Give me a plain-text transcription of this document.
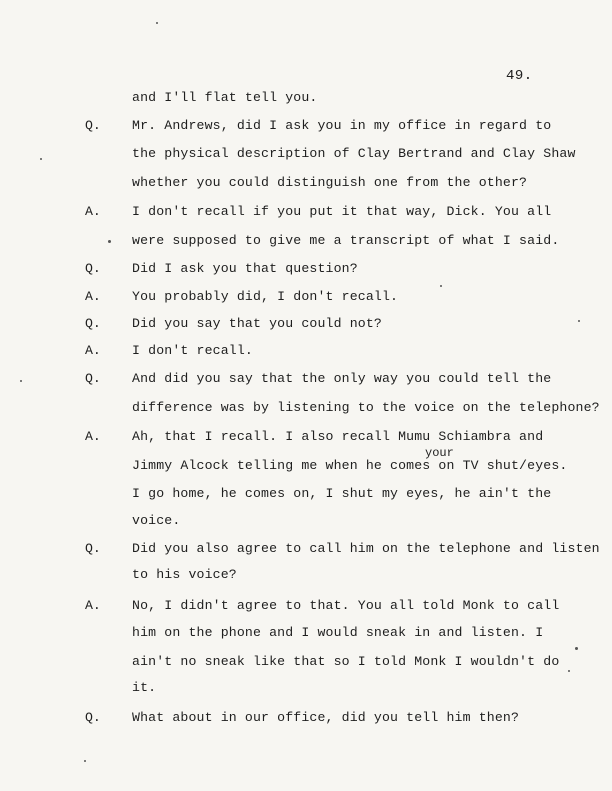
49.
your
and I'll flat tell you.
Q. Mr. Andrews, did I ask you in my office in regard to
the physical description of Clay Bertrand and Clay Shaw
whether you could distinguish one from the other?
A. I don't recall if you put it that way, Dick. You all
were supposed to give me a transcript of what I said.
Q. Did I ask you that question?
A. You probably did, I don't recall.
Q. Did you say that you could not?
A. I don't recall.
Q. And did you say that the only way you could tell the
difference was by listening to the voice on the telephone?
A. Ah, that I recall. I also recall Mumu Schiambra and
Jimmy Alcock telling me when he comes on TV shut/eyes.
I go home, he comes on, I shut my eyes, he ain't the
voice.
Q. Did you also agree to call him on the telephone and listen
to his voice?
A. No, I didn't agree to that. You all told Monk to call
him on the phone and I would sneak in and listen. I
ain't no sneak like that so I told Monk I wouldn't do
it.
Q. What about in our office, did you tell him then?
